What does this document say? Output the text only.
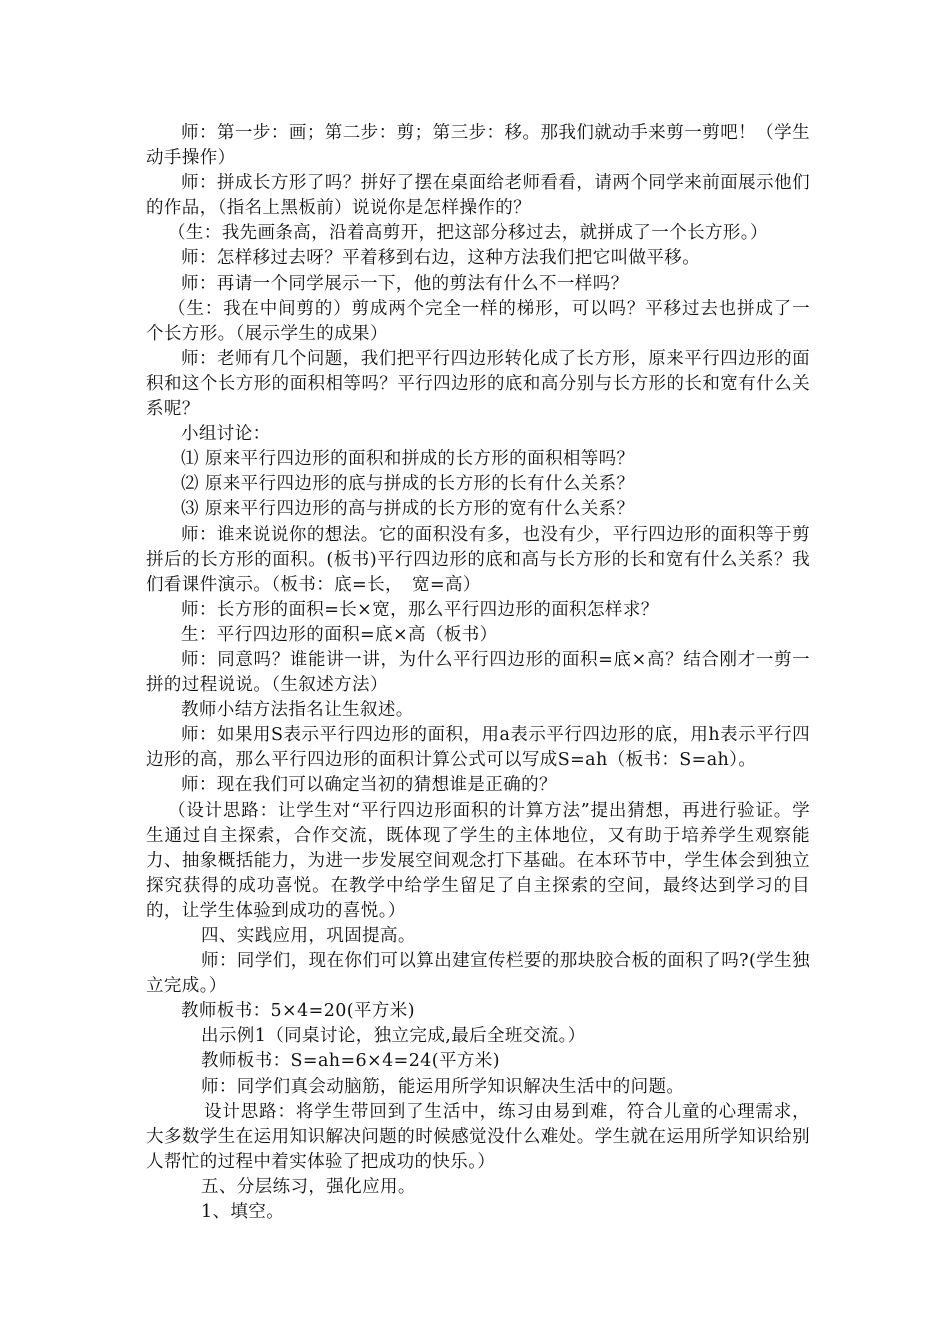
师：第一步：画；第二步：剪；第三步：移。那我们就动手来剪一剪吧！（学生动手操作）

师：拼成长方形了吗？拼好了摆在桌面给老师看看，请两个同学来前面展示他们的作品，（指名上黑板前）说说你是怎样操作的？

（生：我先画条高，沿着高剪开，把这部分移过去，就拼成了一个长方形。）

师：怎样移过去呀？平着移到右边，这种方法我们把它叫做平移。

师：再请一个同学展示一下，他的剪法有什么不一样吗？

（生：我在中间剪的）剪成两个完全一样的梯形，可以吗？平移过去也拼成了一个长方形。（展示学生的成果）

师：老师有几个问题，我们把平行四边形转化成了长方形，原来平行四边形的面积和这个长方形的面积相等吗？平行四边形的底和高分别与长方形的长和宽有什么关系呢？

小组讨论：

⑴ 原来平行四边形的面积和拼成的长方形的面积相等吗？

⑵ 原来平行四边形的底与拼成的长方形的长有什么关系？

⑶ 原来平行四边形的高与拼成的长方形的宽有什么关系？

师：谁来说说你的想法。它的面积没有多，也没有少，平行四边形的面积等于剪拼后的长方形的面积。(板书)平行四边形的底和高与长方形的长和宽有什么关系？我们看课件演示。（板书：底=长，　宽=高）

师：长方形的面积=长×宽，那么平行四边形的面积怎样求？

生：平行四边形的面积=底×高（板书）

师：同意吗？谁能讲一讲，为什么平行四边形的面积=底×高？结合刚才一剪一拼的过程说说。（生叙述方法）

教师小结方法指名让生叙述。

师：如果用S表示平行四边形的面积，用a表示平行四边形的底，用h表示平行四边形的高，那么平行四边形的面积计算公式可以写成S=ah（板书：S=ah）。

师：现在我们可以确定当初的猜想谁是正确的？

（设计思路：让学生对“平行四边形面积的计算方法”提出猜想，再进行验证。学生通过自主探索，合作交流，既体现了学生的主体地位，又有助于培养学生观察能力、抽象概括能力，为进一步发展空间观念打下基础。在本环节中，学生体会到独立探究获得的成功喜悦。在教学中给学生留足了自主探索的空间，最终达到学习的目的，让学生体验到成功的喜悦。）

四、实践应用，巩固提高。

师：同学们，现在你们可以算出建宣传栏要的那块胶合板的面积了吗?(学生独立完成。）

教师板书：5×4=20(平方米)

出示例1（同桌讨论，独立完成,最后全班交流。）

教师板书：S=ah=6×4=24(平方米)

师：同学们真会动脑筋，能运用所学知识解决生活中的问题。

设计思路：将学生带回到了生活中，练习由易到难，符合儿童的心理需求，大多数学生在运用知识解决问题的时候感觉没什么难处。学生就在运用所学知识给别人帮忙的过程中着实体验了把成功的快乐。）

五、分层练习，强化应用。

1、填空。
